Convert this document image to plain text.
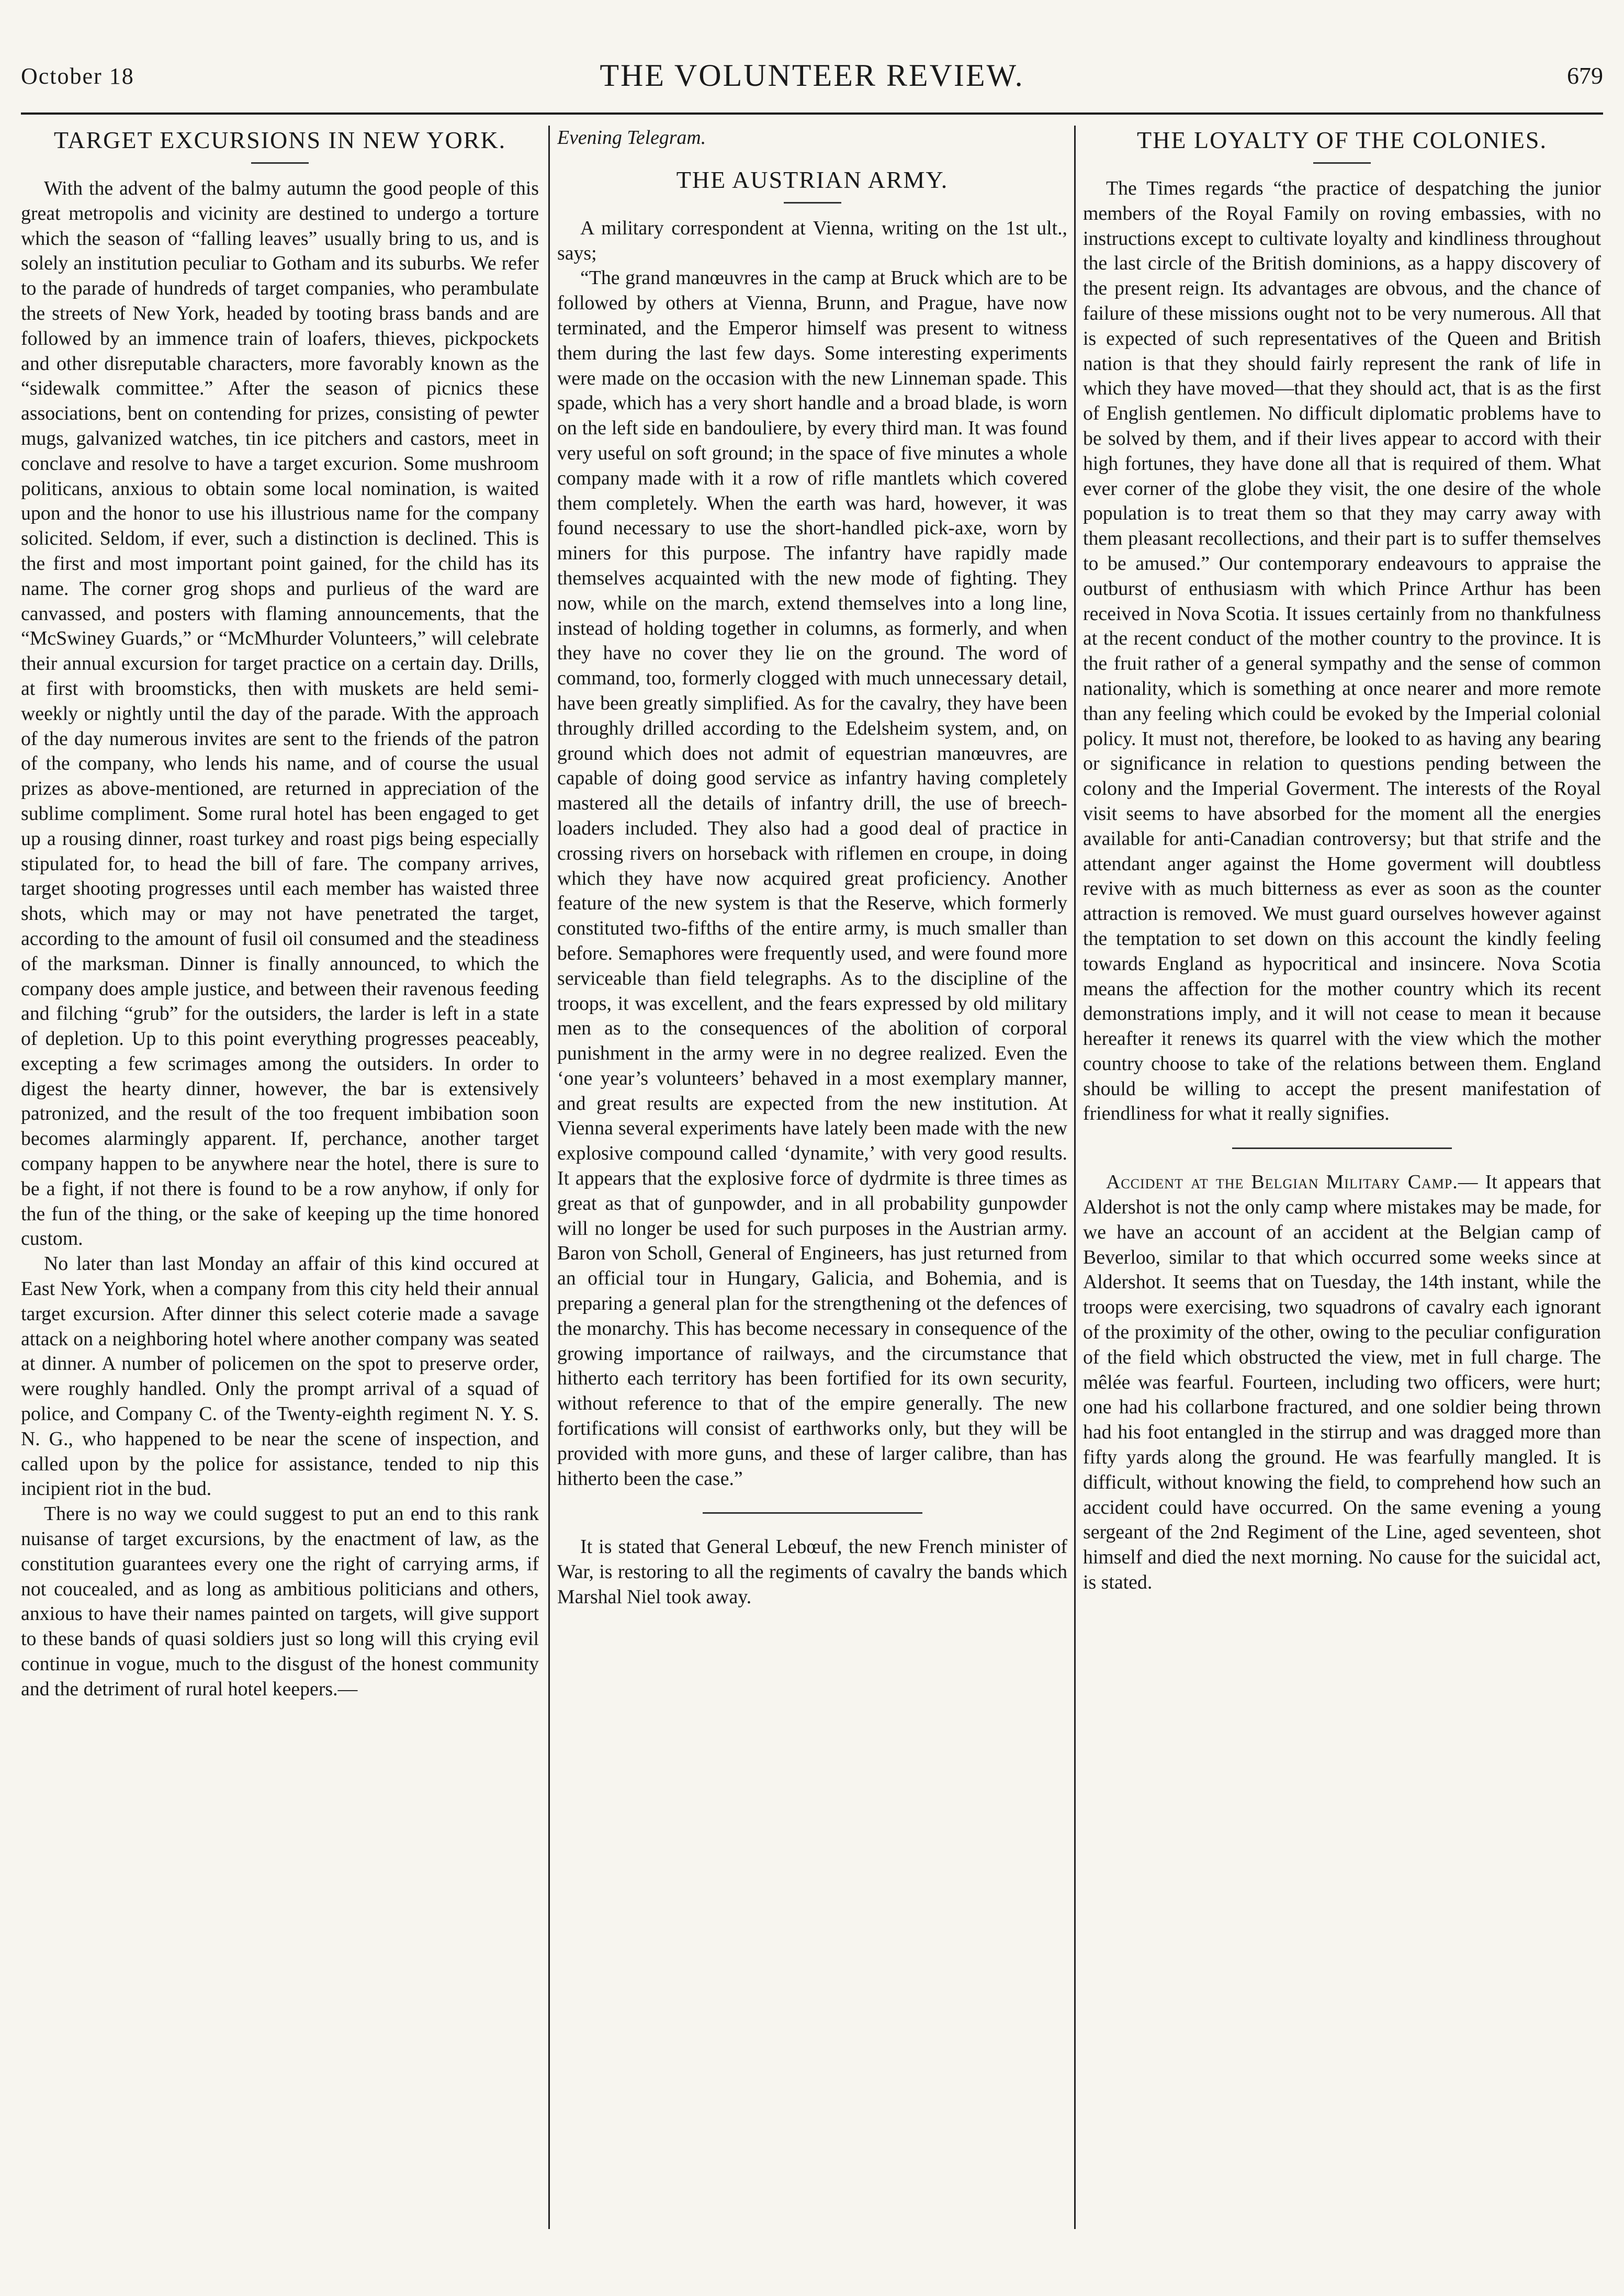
October 18	THE VOLUNTEER REVIEW.	679
TARGET EXCURSIONS IN NEW YORK.

With the advent of the balmy autumn the good people of this great metropolis and vicinity are destined to undergo a torture which the season of “falling leaves” usually bring to us, and is solely an institution peculiar to Gotham and its suburbs. We refer to the parade of hundreds of target companies, who perambulate the streets of New York, headed by tooting brass bands and are followed by an immence train of loafers, thieves, pickpockets and other disreputable characters, more favorably known as the “sidewalk committee.” After the season of picnics these associations, bent on contending for prizes, consisting of pewter mugs, galvanized watches, tin ice pitchers and castors, meet in conclave and resolve to have a target excurion. Some mushroom politicans, anxious to obtain some local nomination, is waited upon and the honor to use his illustrious name for the company solicited. Seldom, if ever, such a distinction is declined. This is the first and most important point gained, for the child has its name. The corner grog shops and purlieus of the ward are canvassed, and posters with flaming announcements, that the “McSwiney Guards,” or “McMhurder Volunteers,” will celebrate their annual excursion for target practice on a certain day. Drills, at first with broomsticks, then with muskets are held semi-weekly or nightly until the day of the parade. With the approach of the day numerous invites are sent to the friends of the patron of the company, who lends his name, and of course the usual prizes as above-mentioned, are returned in appreciation of the sublime compliment. Some rural hotel has been engaged to get up a rousing dinner, roast turkey and roast pigs being especially stipulated for, to head the bill of fare. The company arrives, target shooting progresses until each member has waisted three shots, which may or may not have penetrated the target, according to the amount of fusil oil consumed and the steadiness of the marksman. Dinner is finally announced, to which the company does ample justice, and between their ravenous feeding and filching “grub” for the outsiders, the larder is left in a state of depletion. Up to this point everything progresses peaceably, excepting a few scrimages among the outsiders. In order to digest the hearty dinner, however, the bar is extensively patronized, and the result of the too frequent imbibation soon becomes alarmingly apparent. If, perchance, another target company happen to be anywhere near the hotel, there is sure to be a fight, if not there is found to be a row anyhow, if only for the fun of the thing, or the sake of keeping up the time honored custom.

No later than last Monday an affair of this kind occured at East New York, when a company from this city held their annual target excursion. After dinner this select coterie made a savage attack on a neighboring hotel where another company was seated at dinner. A number of policemen on the spot to preserve order, were roughly handled. Only the prompt arrival of a squad of police, and Company C. of the Twenty-eighth regiment N. Y. S. N. G., who happened to be near the scene of inspection, and called upon by the police for assistance, tended to nip this incipient riot in the bud.

There is no way we could suggest to put an end to this rank nuisanse of target excursions, by the enactment of law, as the constitution guarantees every one the right of carrying arms, if not coucealed, and as long as ambitious politicians and others, anxious to have their names painted on targets, will give support to these bands of quasi soldiers just so long will this crying evil continue in vogue, much to the disgust of the honest community and the detriment of rural hotel keepers.—

Evening Telegram.

THE AUSTRIAN ARMY.

A military correspondent at Vienna, writing on the 1st ult., says;

“The grand manœuvres in the camp at Bruck which are to be followed by others at Vienna, Brunn, and Prague, have now terminated, and the Emperor himself was present to witness them during the last few days. Some interesting experiments were made on the occasion with the new Linneman spade. This spade, which has a very short handle and a broad blade, is worn on the left side en bandouliere, by every third man. It was found very useful on soft ground; in the space of five minutes a whole company made with it a row of rifle mantlets which covered them completely. When the earth was hard, however, it was found necessary to use the short-handled pick-axe, worn by miners for this purpose. The infantry have rapidly made themselves acquainted with the new mode of fighting. They now, while on the march, extend themselves into a long line, instead of holding together in columns, as formerly, and when they have no cover they lie on the ground. The word of command, too, formerly clogged with much unnecessary detail, have been greatly simplified. As for the cavalry, they have been throughly drilled according to the Edelsheim system, and, on ground which does not admit of equestrian manœuvres, are capable of doing good service as infantry having completely mastered all the details of infantry drill, the use of breech-loaders included. They also had a good deal of practice in crossing rivers on horseback with riflemen en croupe, in doing which they have now acquired great proficiency. Another feature of the new system is that the Reserve, which formerly constituted two-fifths of the entire army, is much smaller than before. Semaphores were frequently used, and were found more serviceable than field telegraphs. As to the discipline of the troops, it was excellent, and the fears expressed by old military men as to the consequences of the abolition of corporal punishment in the army were in no degree realized. Even the ‘one year’s volunteers’ behaved in a most exemplary manner, and great results are expected from the new institution. At Vienna several experiments have lately been made with the new explosive compound called ‘dynamite,’ with very good results. It appears that the explosive force of dydrmite is three times as great as that of gunpowder, and in all probability gunpowder will no longer be used for such purposes in the Austrian army. Baron von Scholl, General of Engineers, has just returned from an official tour in Hungary, Galicia, and Bohemia, and is preparing a general plan for the strengthening ot the defences of the monarchy. This has become necessary in consequence of the growing importance of railways, and the circumstance that hitherto each territory has been fortified for its own security, without reference to that of the empire generally. The new fortifications will consist of earthworks only, but they will be provided with more guns, and these of larger calibre, than has hitherto been the case.”

It is stated that General Lebœuf, the new French minister of War, is restoring to all the regiments of cavalry the bands which Marshal Niel took away.

THE LOYALTY OF THE COLONIES.

The Times regards “the practice of despatching the junior members of the Royal Family on roving embassies, with no instructions except to cultivate loyalty and kindliness throughout the last circle of the British dominions, as a happy discovery of the present reign. Its advantages are obvous, and the chance of failure of these missions ought not to be very numerous. All that is expected of such representatives of the Queen and British nation is that they should fairly represent the rank of life in which they have moved—that they should act, that is as the first of English gentlemen. No difficult diplomatic problems have to be solved by them, and if their lives appear to accord with their high fortunes, they have done all that is required of them. What ever corner of the globe they visit, the one desire of the whole population is to treat them so that they may carry away with them pleasant recollections, and their part is to suffer themselves to be amused.” Our contemporary endeavours to appraise the outburst of enthusiasm with which Prince Arthur has been received in Nova Scotia. It issues certainly from no thankfulness at the recent conduct of the mother country to the province. It is the fruit rather of a general sympathy and the sense of common nationality, which is something at once nearer and more remote than any feeling which could be evoked by the Imperial colonial policy. It must not, therefore, be looked to as having any bearing or significance in relation to questions pending between the colony and the Imperial Goverment. The interests of the Royal visit seems to have absorbed for the moment all the energies available for anti-Canadian controversy; but that strife and the attendant anger against the Home goverment will doubtless revive with as much bitterness as ever as soon as the counter attraction is removed. We must guard ourselves however against the temptation to set down on this account the kindly feeling towards England as hypocritical and insincere. Nova Scotia means the affection for the mother country which its recent demonstrations imply, and it will not cease to mean it because hereafter it renews its quarrel with the view which the mother country choose to take of the relations between them. England should be willing to accept the present manifestation of friendliness for what it really signifies.

Accident at the Belgian Military Camp.— It appears that Aldershot is not the only camp where mistakes may be made, for we have an account of an accident at the Belgian camp of Beverloo, similar to that which occurred some weeks since at Aldershot. It seems that on Tuesday, the 14th instant, while the troops were exercising, two squadrons of cavalry each ignorant of the proximity of the other, owing to the peculiar configuration of the field which obstructed the view, met in full charge. The mêlée was fearful. Fourteen, including two officers, were hurt; one had his collarbone fractured, and one soldier being thrown had his foot entangled in the stirrup and was dragged more than fifty yards along the ground. He was fearfully mangled. It is difficult, without knowing the field, to comprehend how such an accident could have occurred. On the same evening a young sergeant of the 2nd Regiment of the Line, aged seventeen, shot himself and died the next morning. No cause for the suicidal act, is stated.
